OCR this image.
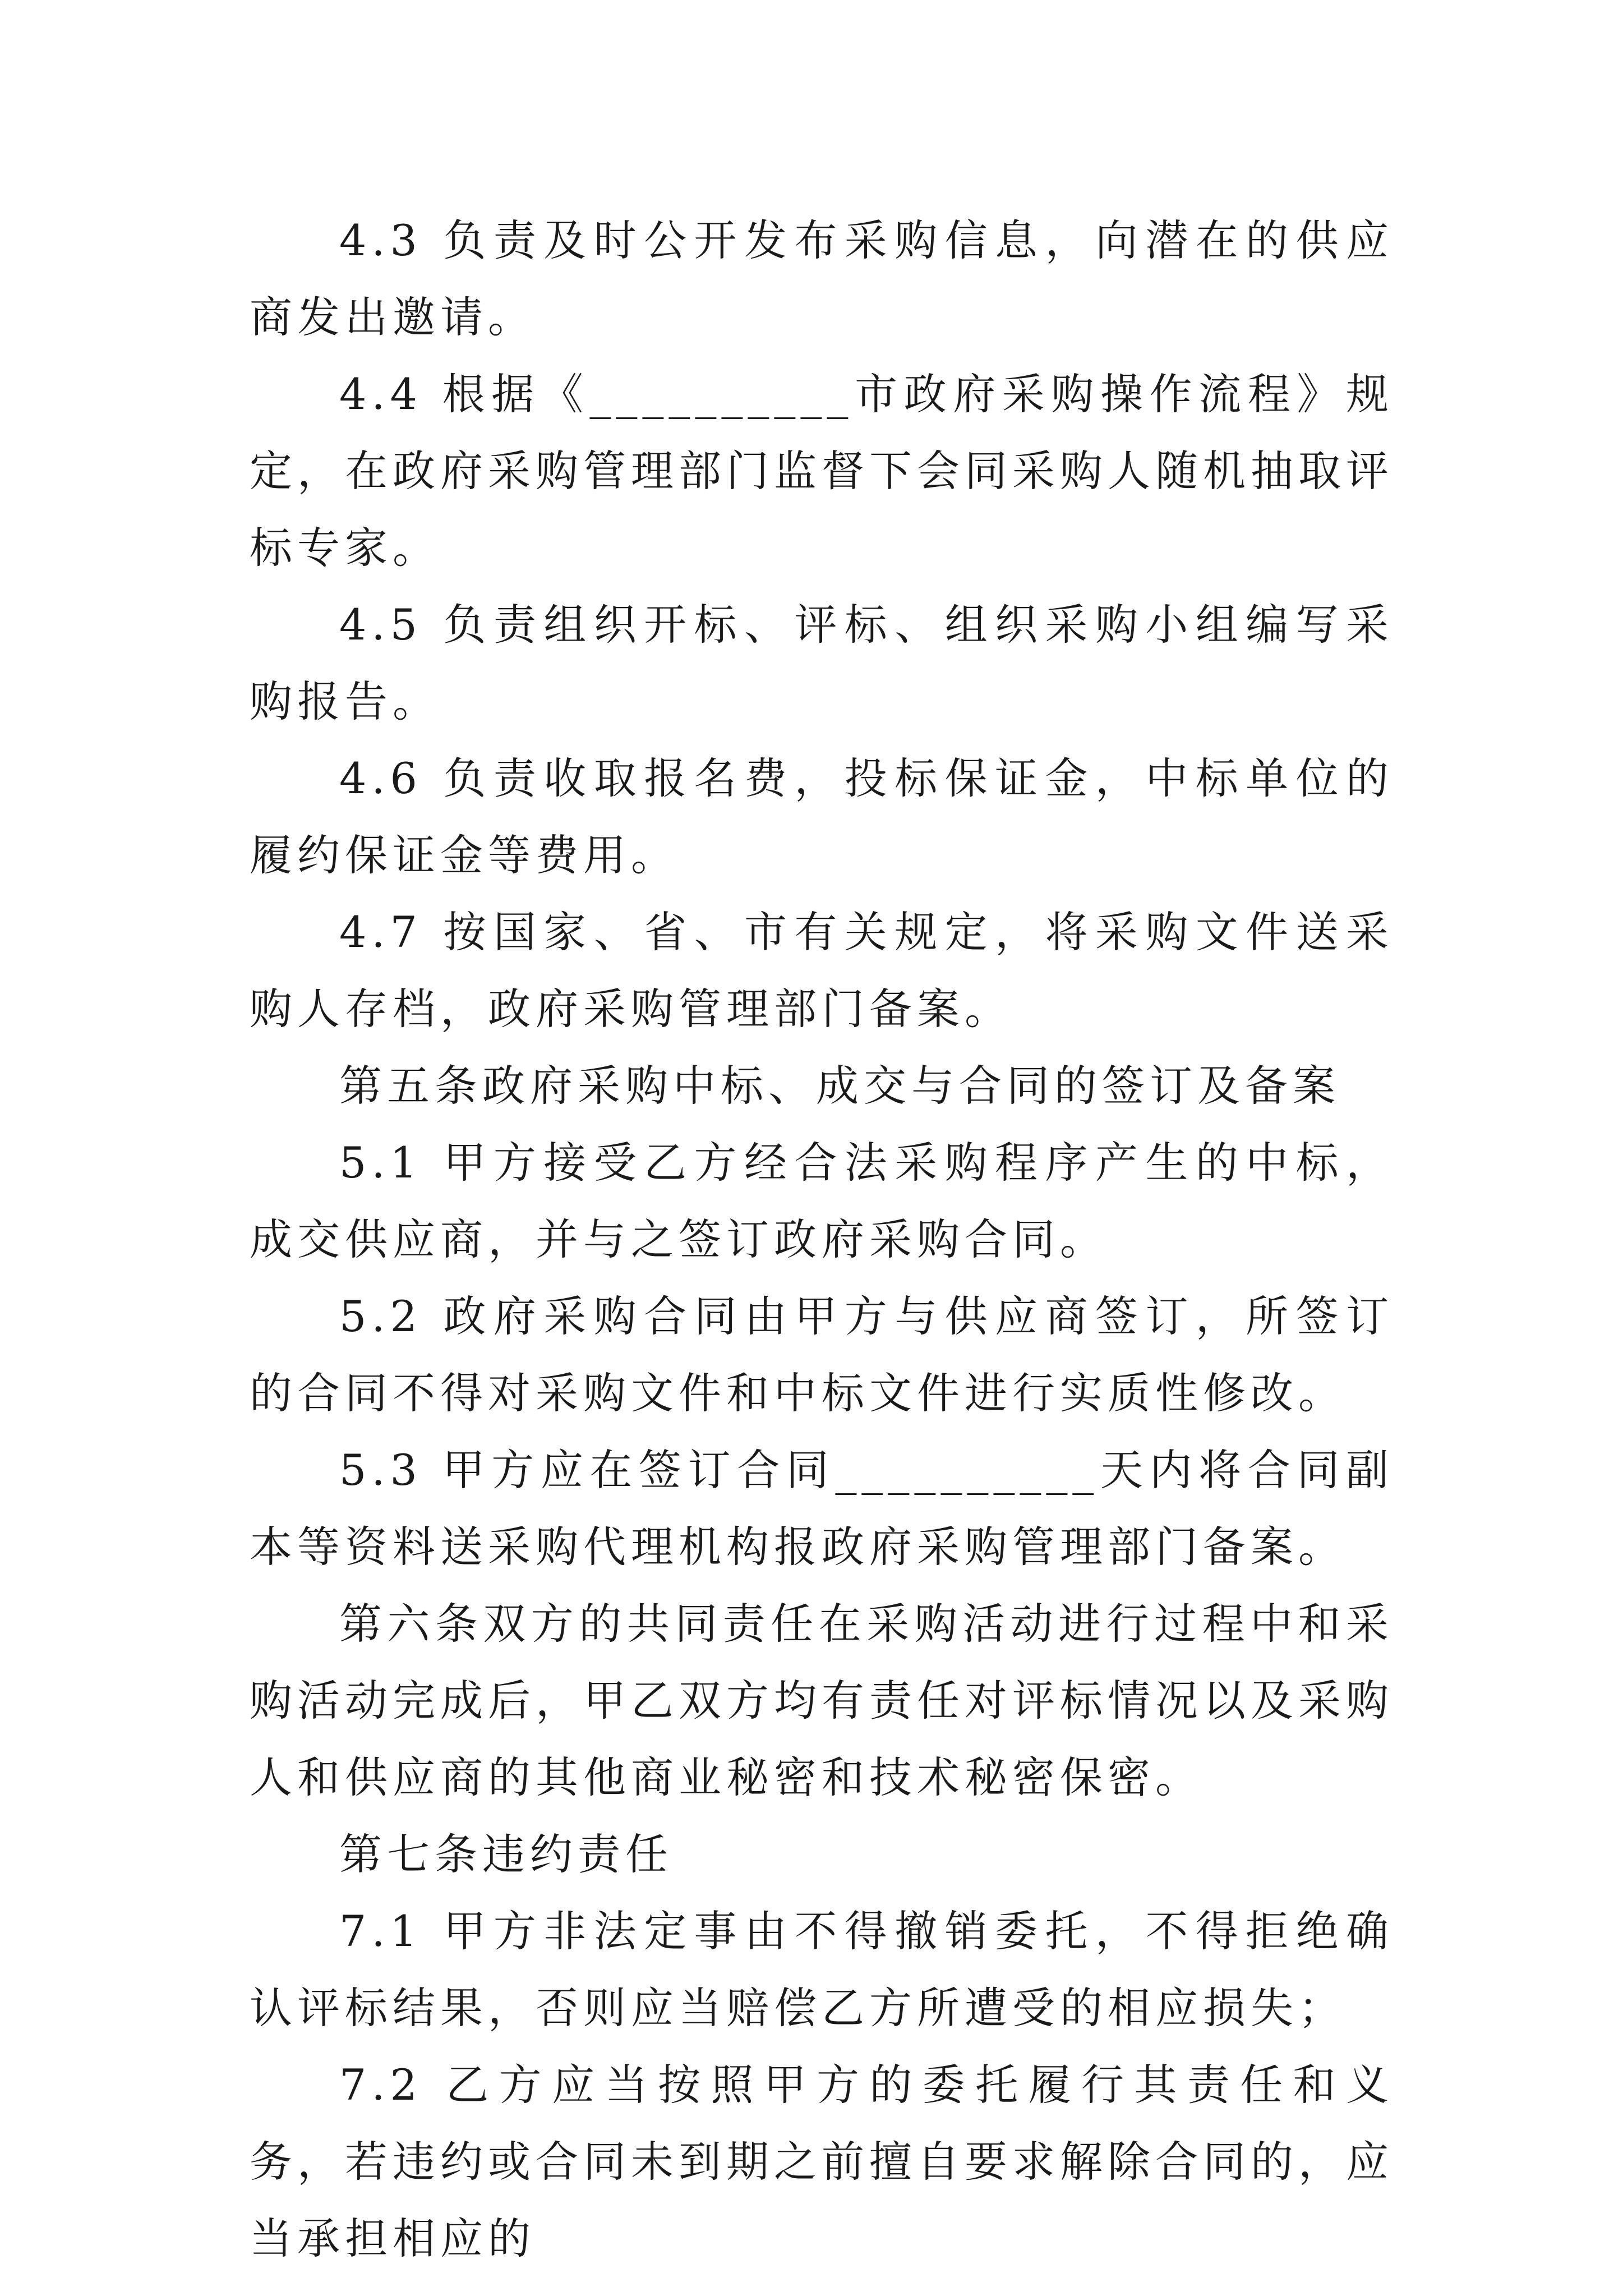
4.3 负责及时公开发布采购信息，向潜在的供应商发出邀请。

4.4 根据《__________市政府采购操作流程》规定，在政府采购管理部门监督下会同采购人随机抽取评标专家。

4.5 负责组织开标、评标、组织采购小组编写采购报告。

4.6 负责收取报名费，投标保证金，中标单位的履约保证金等费用。

4.7 按国家、省、市有关规定，将采购文件送采购人存档，政府采购管理部门备案。

第五条政府采购中标、成交与合同的签订及备案

5.1 甲方接受乙方经合法采购程序产生的中标，成交供应商，并与之签订政府采购合同。

5.2 政府采购合同由甲方与供应商签订，所签订的合同不得对采购文件和中标文件进行实质性修改。

5.3 甲方应在签订合同__________天内将合同副本等资料送采购代理机构报政府采购管理部门备案。

第六条双方的共同责任在采购活动进行过程中和采购活动完成后，甲乙双方均有责任对评标情况以及采购人和供应商的其他商业秘密和技术秘密保密。

第七条违约责任

7.1 甲方非法定事由不得撤销委托，不得拒绝确认评标结果，否则应当赔偿乙方所遭受的相应损失；

7.2 乙方应当按照甲方的委托履行其责任和义务，若违约或合同未到期之前擅自要求解除合同的，应当承担相应的
